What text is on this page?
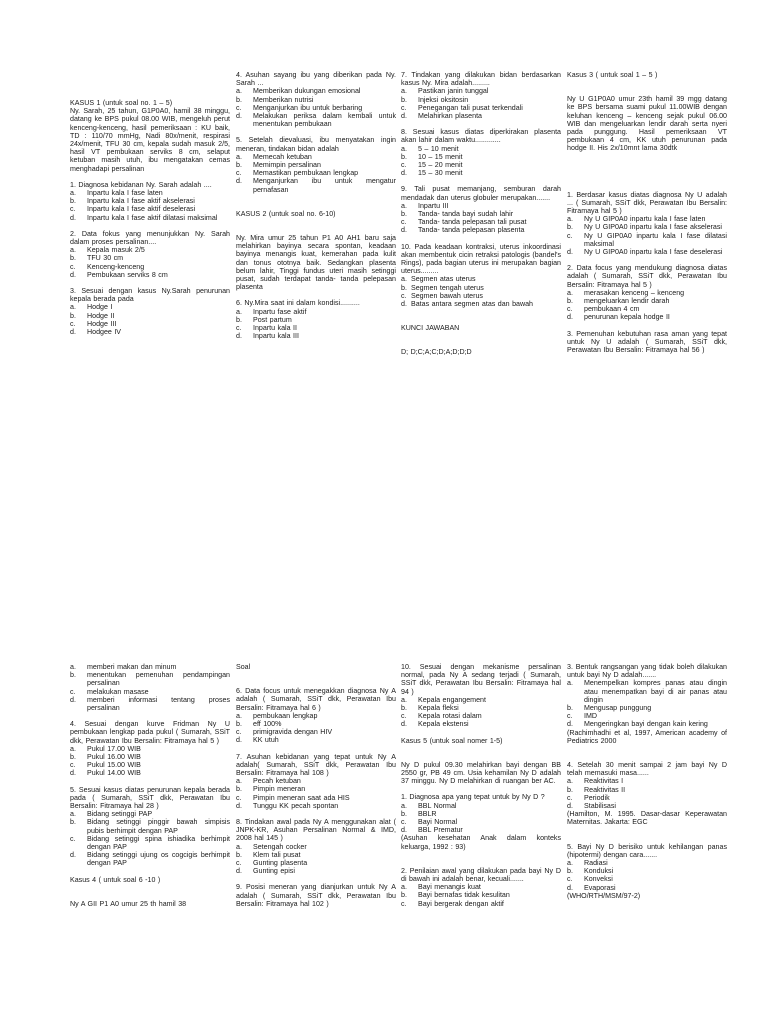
KASUS 1 (untuk soal no. 1 – 5)

Ny. Sarah, 25 tahun, G1P0A0, hamil 38 minggu, datang ke BPS pukul 08.00 WIB, mengeluh perut kenceng-kenceng, hasil pemeriksaan : KU baik, TD : 110/70 mmHg, Nadi 80x/menit, respirasi 24x/menit, TFU 30 cm, kepala sudah masuk 2/5, hasil VT pembukaan serviks 8 cm, selaput ketuban masih utuh, ibu mengatakan cemas menghadapi persalinan

1. Diagnosa kebidanan Ny. Sarah adalah ....

a.	Inpartu kala I fase laten
b.	Inpartu kala I fase aktif akselerasi
c.	Inpartu kala I fase aktif deselerasi
d.	Inpartu kala I fase aktif dilatasi maksimal

2. Data fokus yang menunjukkan Ny. Sarah dalam proses persalinan....

a.	Kepala masuk 2/5
b.	TFU 30 cm
c.	Kenceng-kenceng
d.	Pembukaan serviks 8 cm

3. Sesuai dengan kasus Ny.Sarah penurunan kepala berada pada

a.	Hodge I
b.	Hodge II
c.	Hodge III
d.	Hodgee IV

4. Asuhan sayang ibu yang diberikan pada Ny. Sarah ...

a.	Memberikan dukungan emosional
b.	Memberikan nutrisi
c.	Menganjurkan ibu untuk berbaring
d.	Melakukan periksa dalam kembali untuk menentukan pembukaan

5. Setelah dievaluasi, ibu menyatakan ingin meneran, tindakan bidan adalah

a.	Memecah ketuban
b.	Memimpin persalinan
c.	Memastikan pembukaan lengkap
d.	Menganjurkan ibu untuk mengatur pernafasan

KASUS 2 (untuk soal no. 6-10)

Ny. Mira umur 25 tahun P1 A0 AH1 baru saja melahirkan bayinya secara spontan, keadaan bayinya menangis kuat, kemerahan pada kulit dan tonus ototnya baik. Sedangkan plasenta belum lahir, Tinggi fundus uteri masih setinggi pusat, sudah terdapat tanda- tanda pelepasan plasenta

6. Ny.Mira saat ini dalam kondisi..........

a.	Inpartu fase aktif
b.	Post partum
c.	Inpartu kala II
d.	Inpartu kala III

7. Tindakan yang dilakukan bidan berdasarkan kasus Ny. Mira adalah.........

a.	Pastikan janin tunggal
b.	Injeksi oksitosin
c.	Penegangan tali pusat terkendali
d.	Melahirkan plasenta

8. Sesuai kasus diatas diperkirakan plasenta akan lahir dalam waktu.............

a.	5 – 10 menit
b.	10 – 15 menit
c.	15 – 20 menit
d.	15 – 30 menit

9. Tali pusat memanjang, semburan darah mendadak dan uterus globuler merupakan.......

a.	Inpartu III
b.	Tanda- tanda bayi sudah lahir
c.	Tanda- tanda pelepasan tali pusat
d.	Tanda- tanda pelepasan plasenta

10. Pada keadaan kontraksi, uterus inkoordinasi akan membentuk cicin retraksi patologis (bandel's Rings), pada bagian uterus ini merupakan bagian uterus.........

a. Segmen atas uterus
b. Segmen tengah uterus
c. Segmen bawah uterus
d. Batas antara segmen atas dan bawah

KUNCI JAWABAN

D; D;C;A;C;D;A;D;D;D

Kasus 3 ( untuk soal 1 – 5 )

Ny U G1P0A0 umur 23th hamil 39 mgg datang ke BPS bersama suami pukul 11.00WIB dengan keluhan kenceng – kenceng sejak pukul 06.00 WIB dan mengeluarkan lendir darah serta nyeri pada punggung. Hasil pemeriksaan VT pembukaan 4 cm, KK utuh penurunan pada hodge II. His 2x/10mnt lama 30dtk

1. Berdasar kasus diatas diagnosa Ny U adalah ... ( Sumarah, SSiT dkk, Perawatan Ibu Bersalin: Fitramaya hal 5 )

a.	Ny U GIP0A0 inpartu kala I fase laten
b.	Ny U GIP0A0 inpartu kala I fase akselerasi
c.	Ny U GIP0A0 inpartu kala I fase dilatasi maksimal
d.	Ny U GIP0A0 inpartu kala I fase deselerasi

2. Data focus yang mendukung diagnosa diatas adalah ( Sumarah, SSiT dkk, Perawatan Ibu Bersalin: Fitramaya hal 5 )

a.	merasakan kenceng – kenceng
b.	mengeluarkan lendir darah
c.	pembukaan 4 cm
d.	penurunan kepala hodge II

3. Pemenuhan kebutuhan rasa aman yang tepat untuk Ny U adalah ( Sumarah, SSiT dkk, Perawatan Ibu Bersalin: Fitramaya hal 56 )

a.	memberi makan dan minum
b.	menentukan pemenuhan pendampingan persalinan
c.	melakukan masase
d.	memberi informasi tentang proses persalinan

4. Sesuai dengan kurve Fridman Ny U pembukaan lengkap pada pukul ( Sumarah, SSiT dkk, Perawatan Ibu Bersalin: Fitramaya hal 5 )

a.	Pukul 17.00 WIB
b.	Pukul 16.00 WIB
c.	Pukul 15.00 WIB
d.	Pukul 14.00 WIB

5. Sesuai kasus diatas penurunan kepala berada pada ( Sumarah, SSiT dkk, Perawatan Ibu Bersalin: Fitramaya hal 28 )

a.	Bidang setinggi PAP
b.	Bidang setinggi pinggir bawah simpisis pubis berhimpit dengan PAP
c.	Bidang setinggi spina ishiadika berhimpit dengan PAP
d.	Bidang setinggi ujung os cogcigis berhimpit dengan PAP

Kasus 4 ( untuk soal 6 -10 )

Ny A GII P1 A0 umur 25 th hamil 38

Soal

6. Data focus untuk menegakkan diagnosa Ny A adalah ( Sumarah, SSiT dkk, Perawatan Ibu Bersalin: Fitramaya hal 6 )

a.	pembukaan lengkap
b.	eff 100%
c.	primigravida dengan HIV
d.	KK utuh

7. Asuhan kebidanan yang tepat untuk Ny A adalah( Sumarah, SSiT dkk, Perawatan Ibu Bersalin: Fitramaya hal 108 )

a.	Pecah ketuban
b.	Pimpin meneran
c.	Pimpin meneran saat ada HIS
d.	Tunggu KK pecah spontan

8. Tindakan awal pada Ny A menggunakan alat ( JNPK-KR, Asuhan Persalinan Normal & IMD, 2008 hal 145 )

a.	Setengah cocker
b.	Klem tali pusat
c.	Gunting plasenta
d.	Gunting episi

9. Posisi meneran yang dianjurkan untuk Ny A adalah ( Sumarah, SSiT dkk, Perawatan Ibu Bersalin: Fitramaya hal 102 )

10. Sesuai dengan mekanisme persalinan normal, pada Ny A sedang terjadi ( Sumarah, SSiT dkk, Perawatan Ibu Bersalin: Fitramaya hal 94 )

a.	Kepala engangement
b.	Kepala fleksi
c.	Kepala rotasi dalam
d.	Kepala ekstensi

Kasus 5 (untuk soal nomer 1-5)

Ny D pukul 09.30 melahirkan bayi dengan BB 2550 gr, PB 49 cm. Usia kehamilan Ny D adalah 37 minggu. Ny D melahirkan di ruangan ber AC.

1. Diagnosa apa yang tepat untuk by Ny D ?

a.	BBL Normal
b.	BBLR
c.	Bayi Normal
d.	BBL Prematur

(Asuhan kesehatan Anak dalam konteks keluarga, 1992 : 93)

2. Penilaian awal yang dilakukan pada bayi Ny D di bawah ini adalah benar, kecuali.......

a.	Bayi menangis kuat
b.	Bayi bernafas tidak kesulitan
c.	Bayi bergerak dengan aktif

3. Bentuk rangsangan yang tidak boleh dilakukan untuk bayi Ny D adalah.......

a.	Menempelkan kompres panas atau dingin atau menempatkan bayi di air panas atau dingin
b.	Mengusap punggung
c.	IMD
d.	Mengeringkan bayi dengan kain kering

(Rachimhadhi et al, 1997, American academy of Pediatrics 2000

4. Setelah 30 menit sampai 2 jam bayi Ny D telah memasuki masa......

a.	Reaktivitas I
b.	Reaktivitas II
c.	Periodik
d.	Stabilisasi

(Hamilton, M. 1995. Dasar-dasar Keperawatan Maternitas. Jakarta: EGC

5. Bayi Ny D berisiko untuk kehilangan panas (hipotermi) dengan cara.......

a.	Radiasi
b.	Konduksi
c.	Konveksi
d.	Evaporasi

(WHO/RTH/MSM/97-2)
